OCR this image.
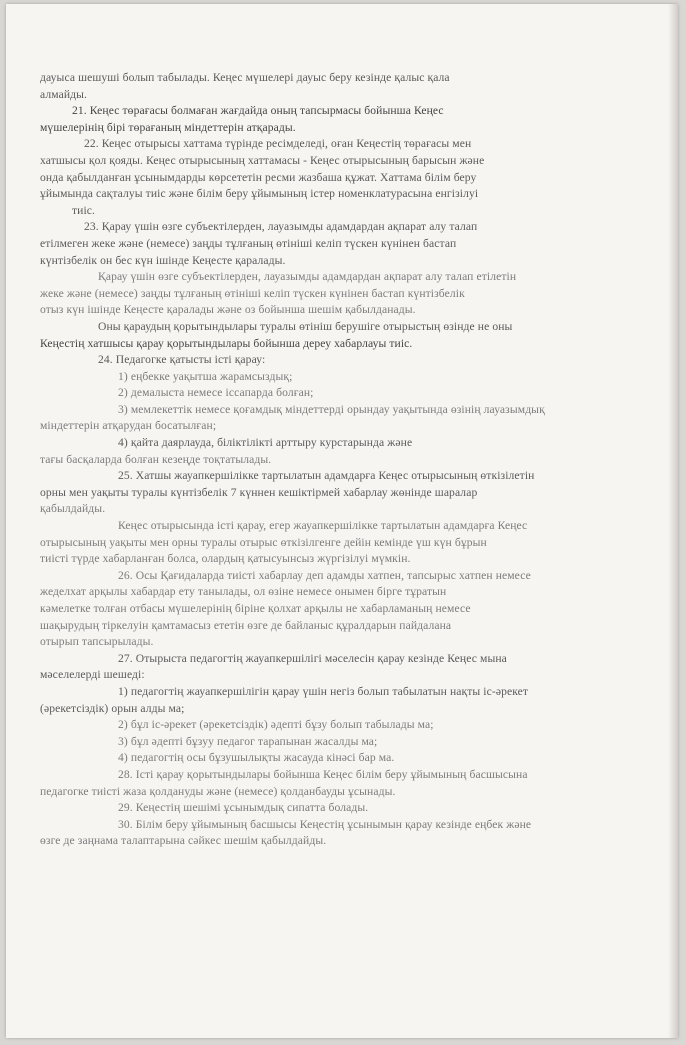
дауыса шешуші болып табылады. Кеңес мүшелері дауыс беру кезінде қалыс қала

алмайды.

21. Кеңес төрағасы болмаған жағдайда оның тапсырмасы бойынша Кеңес

мүшелерінің бірі төрағаның міндеттерін атқарады.

22. Кеңес отырысы хаттама түрінде ресімделеді, оған Кеңестің төрағасы мен

хатшысы қол қояды. Кеңес отырысының хаттамасы - Кеңес отырысының барысын және

онда қабылданған ұсынымдарды көрсететін ресми жазбаша құжат. Хаттама білім беру

ұйымында сақталуы тиіс және білім беру ұйымының істер номенклатурасына енгізілуі

тиіс.

23. Қарау үшін өзге субъектілерден, лауазымды адамдардан ақпарат алу талап

етілмеген жеке және (немесе) заңды тұлғаның өтініші келіп түскен күнінен бастап

күнтізбелік он бес күн ішінде Кеңесте қаралады.

Қарау үшін өзге субъектілерден, лауазымды адамдардан ақпарат алу талап етілетін

жеке және (немесе) заңды тұлғаның өтініші келіп түскен күнінен бастап күнтізбелік

отыз күн ішінде Кеңесте қаралады және оз бойынша шешім қабылданады.

Оны қараудың қорытындылары туралы өтініш берушіге отырыстың өзінде не оны

Кеңестің хатшысы қарау қорытындылары бойынша дереу хабарлауы тиіс.

24. Педагогке қатысты істі қарау:

1) еңбекке уақытша жарамсыздық;

2) демалыста немесе іссапарда болған;

3) мемлекеттік немесе қоғамдық міндеттерді орындау уақытында өзінің лауазымдық

міндеттерін атқарудан босатылған;

4) қайта даярлауда, біліктілікті арттыру курстарында және

тағы басқаларда болған кезеңде тоқтатылады.

25. Хатшы жауапкершілікке тартылатын адамдарға Кеңес отырысының өткізілетін

орны мен уақыты туралы күнтізбелік 7 күннен кешіктірмей хабарлау жөнінде шаралар

қабылдайды.

Кеңес отырысында істі қарау, егер жауапкершілікке тартылатын адамдарға Кеңес

отырысының уақыты мен орны туралы отырыс өткізілгенге дейін кемінде үш күн бұрын

тиісті түрде хабарланған болса, олардың қатысуынсыз жүргізілуі мүмкін.

26. Осы Қағидаларда тиісті хабарлау деп адамды хатпен, тапсырыс хатпен немесе

жеделхат арқылы хабардар ету танылады, ол өзіне немесе онымен бірге тұратын

кәмелетке толған отбасы мүшелерінің біріне қолхат арқылы не хабарламаның немесе

шақырудың тіркелуін қамтамасыз ететін өзге де байланыс құралдарын пайдалана

отырып тапсырылады.

27. Отырыста педагогтің жауапкершілігі мәселесін қарау кезінде Кеңес мына

мәселелерді шешеді:

1) педагогтің жауапкершілігін қарау үшін негіз болып табылатын нақты іс-әрекет

(әрекетсіздік) орын алды ма;

2) бұл іс-әрекет (әрекетсіздік) әдепті бұзу болып табылады ма;

3) бұл әдепті бұзуу педагог тарапынан жасалды ма;

4) педагогтің осы бұзушылықты жасауда кінәсі бар ма.

28. Істі қарау қорытындылары бойынша Кеңес білім беру ұйымының басшысына

педагогке тиісті жаза қолдануды және (немесе) қолданбауды ұсынады.

29. Кеңестің шешімі ұсынымдық сипатта болады.

30. Білім беру ұйымының басшысы Кеңестің ұсынымын қарау кезінде еңбек және

өзге де заңнама талаптарына сәйкес шешім қабылдайды.
